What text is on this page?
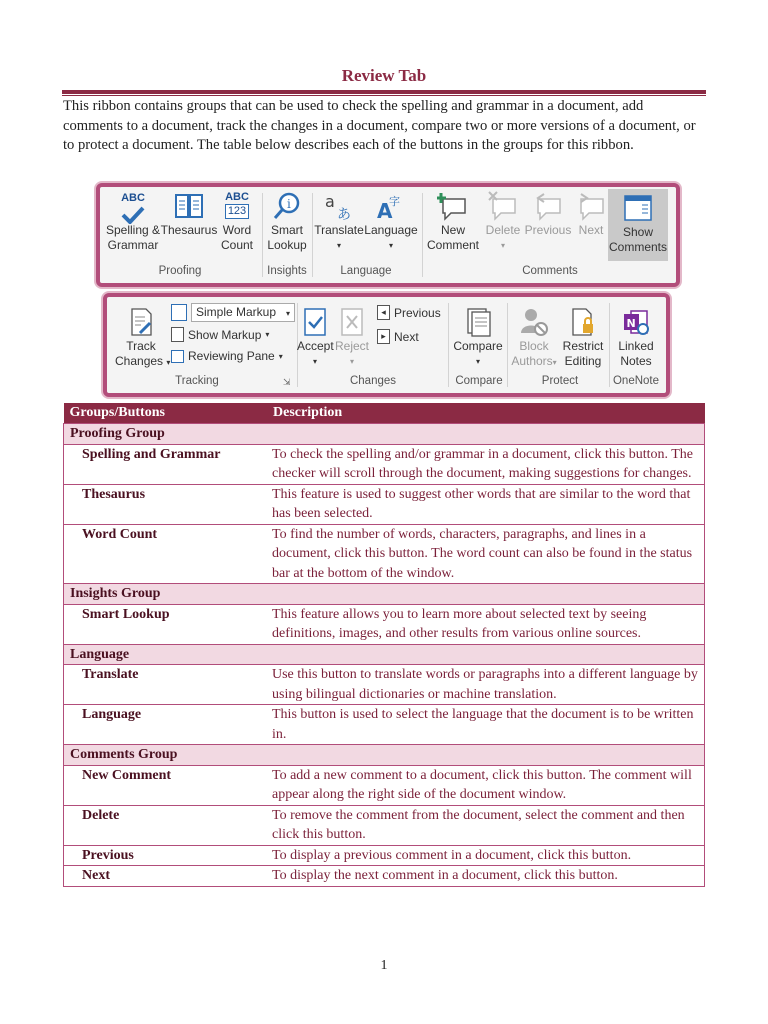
Review Tab

This ribbon contains groups that can be used to check the spelling and grammar in a document, add comments to a document, track the changes in a document, compare two or more versions of a document, or to protect a document. The table below describes each of the buttons in the groups for this ribbon.

ABC
Spelling &
Grammar
Thesaurus
ABC
123
Word
Count
i
Smart
Lookup
a
あ
Translate
▾
A
字
Language
▾
New
Comment
Delete
▾
Previous Next	Show
Comments
Proofing	Insights	Language	Comments
Track
Changes ▾
Simple Markup ▾
Show Markup ▾
Reviewing Pane ▾
Accept
▾
Reject
▾
◂ Previous
▸ Next
Compare
▾
Block
Authors▾
Restrict
Editing
N
Linked
Notes
Tracking	⇲	Changes	Compare	Protect	OneNote
Groups/Buttons	Description
Proofing Group	
Spelling and Grammar	To check the spelling and/or grammar in a document, click this button. The checker will scroll through the document, making suggestions for changes.
Thesaurus	This feature is used to suggest other words that are similar to the word that has been selected.
Word Count	To find the number of words, characters, paragraphs, and lines in a document, click this button. The word count can also be found in the status bar at the bottom of the window.
Insights Group	
Smart Lookup	This feature allows you to learn more about selected text by seeing definitions, images, and other results from various online sources.
Language	
Translate	Use this button to translate words or paragraphs into a different language by using bilingual dictionaries or machine translation.
Language	This button is used to select the language that the document is to be written in.
Comments Group	
New Comment	To add a new comment to a document, click this button. The comment will appear along the right side of the document window.
Delete	To remove the comment from the document, select the comment and then click this button.
Previous	To display a previous comment in a document, click this button.
Next	To display the next comment in a document, click this button.
1
